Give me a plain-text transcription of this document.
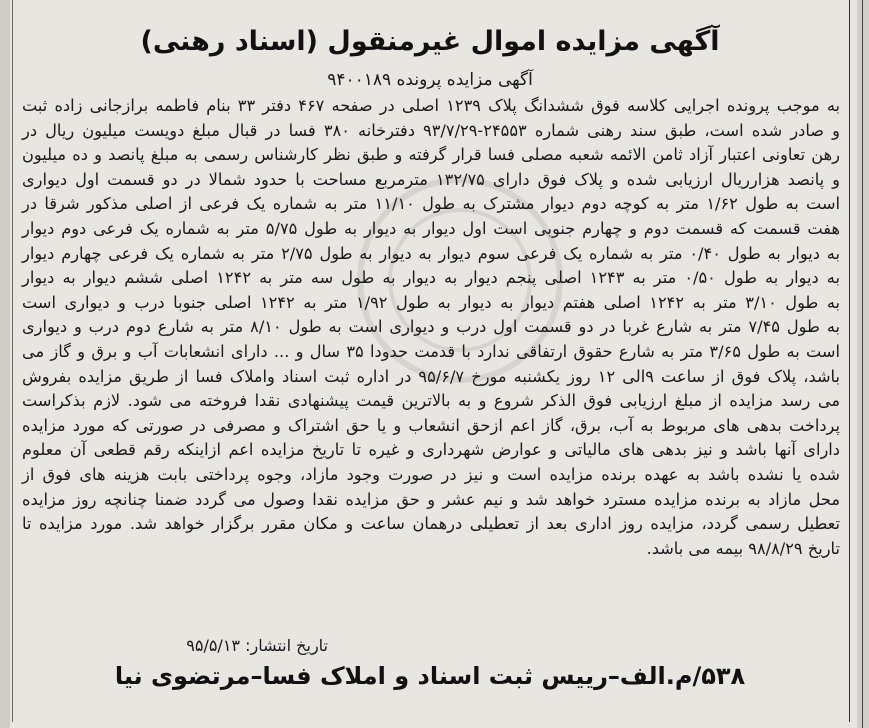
آگهی مزایده اموال غیرمنقول (اسناد رهنی)
آگهی مزایده پرونده ۹۴۰۰۱۸۹

به موجب پرونده اجرایی کلاسه فوق ششدانگ پلاک ۱۲۳۹ اصلی در صفحه ۴۶۷ دفتر ۳۳ بنام فاطمه برازجانی زاده ثبت

و صادر شده است، طبق سند رهنی شماره ۲۴۵۵۳-۹۳/۷/۲۹ دفترخانه ۳۸۰ فسا در قبال مبلغ دویست میلیون ریال در

رهن تعاونی اعتبار آزاد ثامن الائمه شعبه مصلی فسا قرار گرفته و طبق نظر کارشناس رسمی به مبلغ پانصد و ده میلیون

و پانصد هزارریال ارزیابی شده و پلاک فوق دارای ۱۳۲/۷۵ مترمربع مساحت با حدود شمالا در دو قسمت اول دیواری

است به طول ۱/۶۲ متر به کوچه دوم دیوار مشترک به طول ۱۱/۱۰ متر به شماره یک فرعی از اصلی مذکور شرقا در

هفت قسمت که قسمت دوم و چهارم جنوبی است اول دیوار به دیوار به طول ۵/۷۵ متر به شماره یک فرعی دوم دیوار

به دیوار به طول ۰/۴۰ متر به شماره یک فرعی سوم دیوار به دیوار به طول ۲/۷۵ متر به شماره یک فرعی چهارم دیوار

به دیوار به طول ۰/۵۰ متر به ۱۲۴۳ اصلی پنجم دیوار به دیوار به طول سه متر به ۱۲۴۲ اصلی ششم دیوار به دیوار

به طول ۳/۱۰ متر به ۱۲۴۲ اصلی هفتم دیوار به دیوار به طول ۱/۹۲ متر به ۱۲۴۲ اصلی جنوبا درب و دیواری است

به طول ۷/۴۵ متر به شارع غربا در دو قسمت اول درب و دیواری است به طول ۸/۱۰ متر به شارع دوم درب و دیواری

است به طول ۳/۶۵ متر به شارع حقوق ارتفاقی ندارد با قدمت حدودا ۳۵ سال و ... دارای انشعابات آب و برق و گاز می

باشد، پلاک فوق از ساعت ۹الی ۱۲ روز یکشنبه مورخ ۹۵/۶/۷ در اداره ثبت اسناد واملاک فسا از طریق مزایده بفروش

می رسد مزایده از مبلغ ارزیابی فوق الذکر شروع و به بالاترین قیمت پیشنهادی نقدا فروخته می شود. لازم بذکراست

پرداخت بدهی های مربوط به آب، برق، گاز اعم ازحق انشعاب و یا حق اشتراک و مصرفی در صورتی که مورد مزایده

دارای آنها باشد و نیز بدهی های مالیاتی و عوارض شهرداری و غیره تا تاریخ مزایده اعم ازاینکه رقم قطعی آن معلوم

شده یا نشده باشد به عهده برنده مزایده است و نیز در صورت وجود مازاد، وجوه پرداختی بابت هزینه های فوق از

محل مازاد به برنده مزایده مسترد خواهد شد و نیم عشر و حق مزایده نقدا وصول می گردد ضمنا چنانچه روز مزایده

تعطیل رسمی گردد، مزایده روز اداری بعد از تعطیلی درهمان ساعت و مکان مقرر برگزار خواهد شد. مورد مزایده تا

تاریخ ۹۸/۸/۲۹ بیمه می باشد.

تاریخ انتشار: ۹۵/۵/۱۳
۵۳۸/م.الف–رییس ثبت اسناد و املاک فسا–مرتضوی نیا
